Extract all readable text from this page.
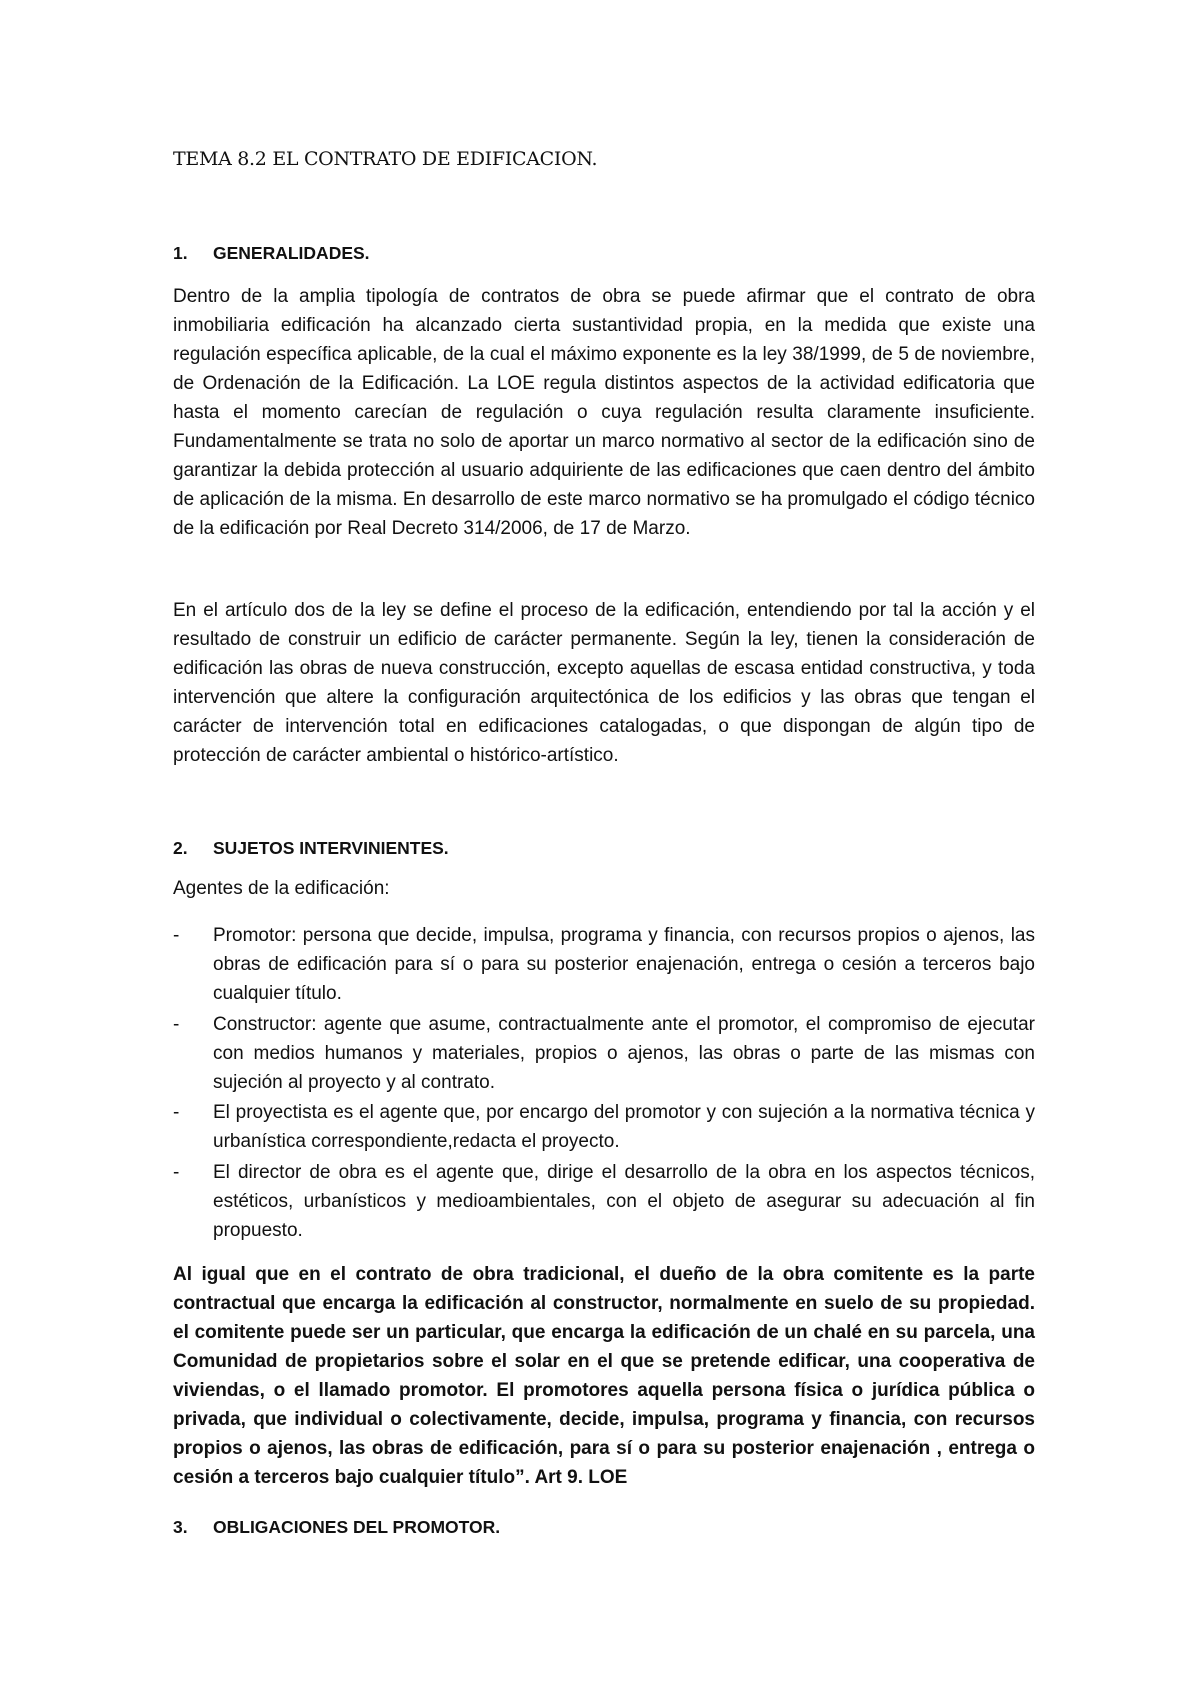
TEMA 8.2 EL CONTRATO DE EDIFICACION.
1. GENERALIDADES.

Dentro de la amplia tipología de contratos de obra se puede afirmar que el contrato de obra inmobiliaria edificación ha alcanzado cierta sustantividad propia, en la medida que existe una regulación específica aplicable, de la cual el máximo exponente es la ley 38/1999, de 5 de noviembre, de Ordenación de la Edificación. La LOE regula distintos aspectos de la actividad edificatoria que hasta el momento carecían de regulación o cuya regulación resulta claramente insuficiente. Fundamentalmente se trata no solo de aportar un marco normativo al sector de la edificación sino de garantizar la debida protección al usuario adquiriente de las edificaciones que caen dentro del ámbito de aplicación de la misma. En desarrollo de este marco normativo se ha promulgado el código técnico de la edificación por Real Decreto 314/2006, de 17 de Marzo.

En el artículo dos de la ley se define el proceso de la edificación, entendiendo por tal la acción y el resultado de construir un edificio de carácter permanente. Según la ley, tienen la consideración de edificación las obras de nueva construcción, excepto aquellas de escasa entidad constructiva, y toda intervención que altere la configuración arquitectónica de los edificios y las obras que tengan el carácter de intervención total en edificaciones catalogadas, o que dispongan de algún tipo de protección de carácter ambiental o histórico-artístico.

2. SUJETOS INTERVINIENTES.
Agentes de la edificación:
-	Promotor: persona que decide, impulsa, programa y financia, con recursos propios o ajenos, las obras de edificación para sí o para su posterior enajenación, entrega o cesión a terceros bajo cualquier título.
-	Constructor: agente que asume, contractualmente ante el promotor, el compromiso de ejecutar con medios humanos y materiales, propios o ajenos, las obras o parte de las mismas con sujeción al proyecto y al contrato.
-	El proyectista es el agente que, por encargo del promotor y con sujeción a la normativa técnica y urbanística correspondiente,redacta el proyecto.
-	El director de obra es el agente que, dirige el desarrollo de la obra en los aspectos técnicos, estéticos, urbanísticos y medioambientales, con el objeto de asegurar su adecuación al fin propuesto.

Al igual que en el contrato de obra tradicional, el dueño de la obra comitente es la parte contractual que encarga la edificación al constructor, normalmente en suelo de su propiedad. el comitente puede ser un particular, que encarga la edificación de un chalé en su parcela, una Comunidad de propietarios sobre el solar en el que se pretende edificar, una cooperativa de viviendas, o el llamado promotor. El promotores aquella persona física o jurídica pública o privada, que individual o colectivamente, decide, impulsa, programa y financia, con recursos propios o ajenos, las obras de edificación, para sí o para su posterior enajenación , entrega o cesión a terceros bajo cualquier título”. Art 9. LOE

3. OBLIGACIONES DEL PROMOTOR.
